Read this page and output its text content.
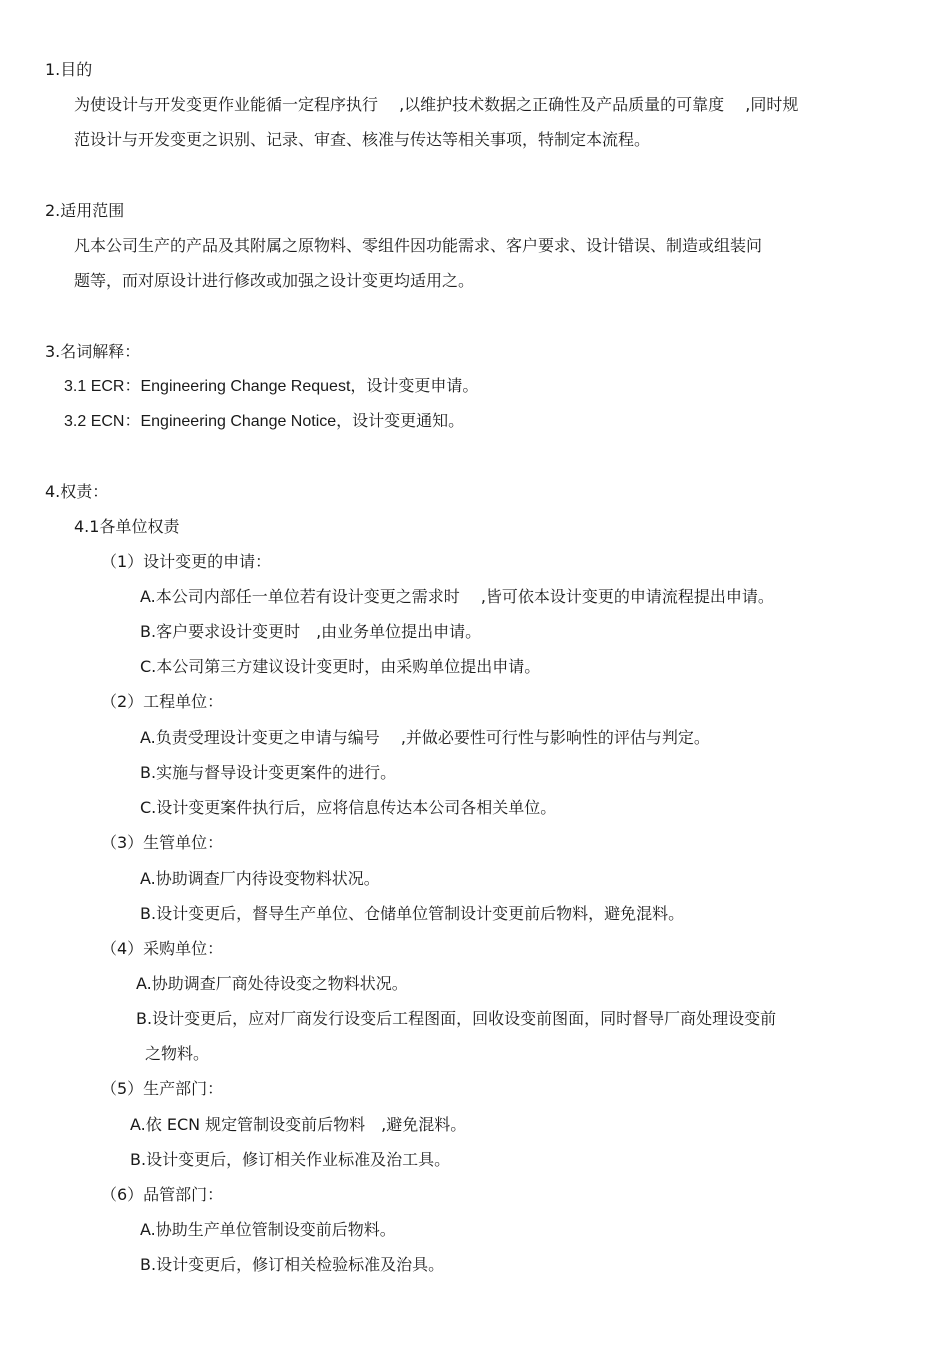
1.目的
为使设计与开发变更作业能循一定程序执行　 ,以维护技术数据之正确性及产品质量的可靠度　 ,同时规
范设计与开发变更之识别、记录、审查、核准与传达等相关事项，特制定本流程。
2.适用范围
凡本公司生产的产品及其附属之原物料、零组件因功能需求、客户要求、设计错误、制造或组装问
题等，而对原设计进行修改或加强之设计变更均适用之。
3.名词解释：
3.1 ECR：Engineering Change Request，设计变更申请。
3.2 ECN：Engineering Change Notice，设计变更通知。
4.权责：
4.1各单位权责
（1）设计变更的申请：
A.本公司内部任一单位若有设计变更之需求时　 ,皆可依本设计变更的申请流程提出申请。
B.客户要求设计变更时　,由业务单位提出申请。
C.本公司第三方建议设计变更时，由采购单位提出申请。
（2）工程单位：
A.负责受理设计变更之申请与编号　 ,并做必要性可行性与影响性的评估与判定。
B.实施与督导设计变更案件的进行。
C.设计变更案件执行后，应将信息传达本公司各相关单位。
（3）生管单位：
A.协助调查厂内待设变物料状况。
B.设计变更后，督导生产单位、仓储单位管制设计变更前后物料，避免混料。
（4）采购单位：
A.协助调查厂商处待设变之物料状况。
B.设计变更后，应对厂商发行设变后工程图面，回收设变前图面，同时督导厂商处理设变前
之物料。
（5）生产部门：
A.依 ECN 规定管制设变前后物料　,避免混料。
B.设计变更后，修订相关作业标准及治工具。
（6）品管部门：
A.协助生产单位管制设变前后物料。
B.设计变更后，修订相关检验标准及治具。
